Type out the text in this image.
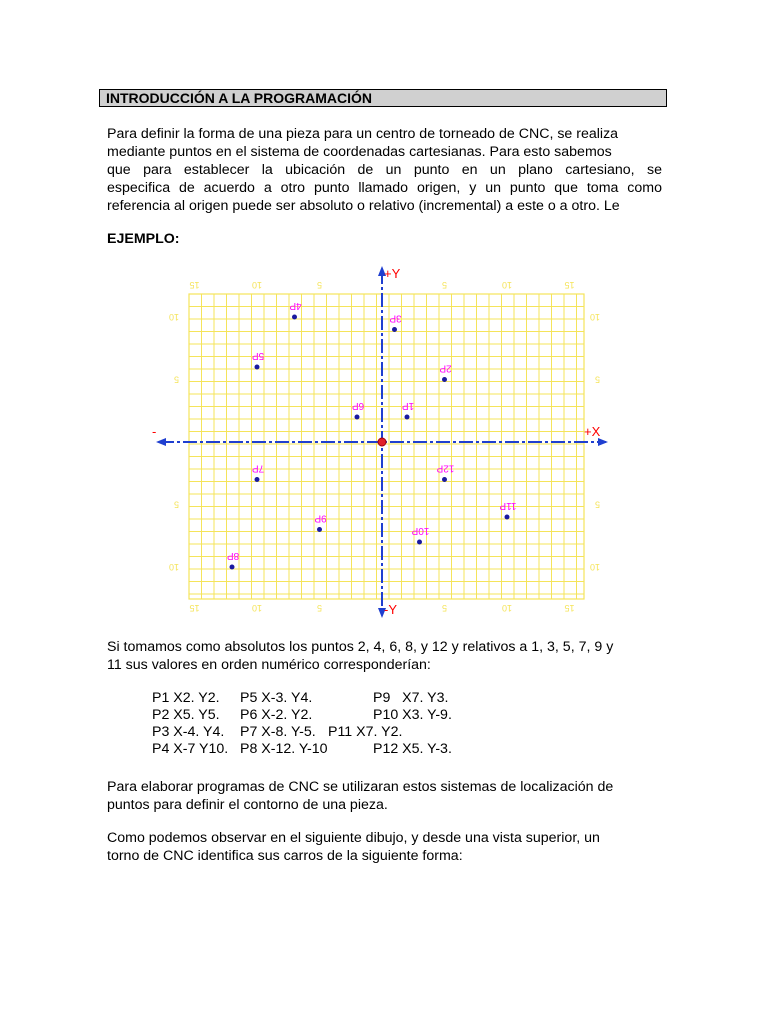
INTRODUCCIÓN A LA PROGRAMACIÓN
Para definir la forma de una pieza para un centro de torneado de CNC, se realiza
mediante puntos en el sistema de coordenadas cartesianas. Para esto sabemos
que para establecer la ubicación de un punto en un plano cartesiano, se
especifica de acuerdo a otro punto llamado origen, y un punto que toma como
referencia al origen puede ser absoluto o relativo (incremental) a este o a otro. Le
EJEMPLO:
15
15
10
10
5
5
5
5
10
10
15
15
10	10
5	5
5	5
10	10
+X
-
+Y
-Y
1P
2P
3P
4P
5P
6P
7P
8P
9P
10P
11P
12P
Si tomamos como absolutos los puntos 2, 4, 6, 8, y 12 y relativos a 1, 3, 5, 7, 9 y
11 sus valores en orden numérico corresponderían:
P1 X2. Y2. P5 X-3. Y4.	P9   X7. Y3.
P2 X5. Y5. P6 X-2. Y2.	P10 X3. Y-9.
P3 X-4. Y4. P7 X-8. Y-5. P11 X7. Y2.
P4 X-7 Y10. P8 X-12. Y-10	P12 X5. Y-3.
Para elaborar programas de CNC se utilizaran estos sistemas de localización de
puntos para definir el contorno de una pieza.
Como podemos observar en el siguiente dibujo, y desde una vista superior, un
torno de CNC identifica sus carros de la siguiente forma:
